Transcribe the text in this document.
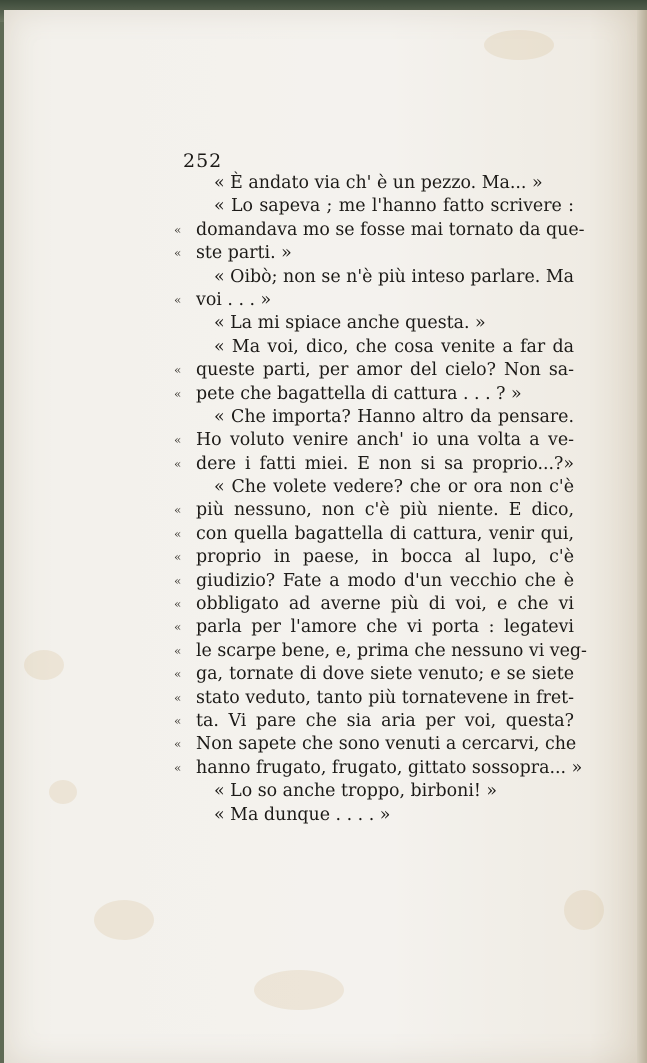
252
« È andato via ch' è un pezzo. Ma... »
« Lo sapeva ; me l'hanno fatto scrivere :
« domandava mo se fosse mai tornato da que-
« ste parti. »
« Oibò; non se n'è più inteso parlare. Ma
« voi . . . »
« La mi spiace anche questa. »
« Ma voi, dico, che cosa venite a far da
« queste parti, per amor del cielo? Non sa-
« pete che bagattella di cattura . . . ? »
« Che importa? Hanno altro da pensare.
« Ho voluto venire anch' io una volta a ve-
« dere i fatti miei. E non si sa proprio...?»
« Che volete vedere? che or ora non c'è
« più nessuno, non c'è più niente. E dico,
« con quella bagattella di cattura, venir qui,
« proprio in paese, in bocca al lupo, c'è
« giudizio? Fate a modo d'un vecchio che è
« obbligato ad averne più di voi, e che vi
« parla per l'amore che vi porta : legatevi
« le scarpe bene, e, prima che nessuno vi veg-
« ga, tornate di dove siete venuto; e se siete
« stato veduto, tanto più tornatevene in fret-
« ta. Vi pare che sia aria per voi, questa?
« Non sapete che sono venuti a cercarvi, che
« hanno frugato, frugato, gittato sossopra... »
« Lo so anche troppo, birboni! »
« Ma dunque . . . . »
